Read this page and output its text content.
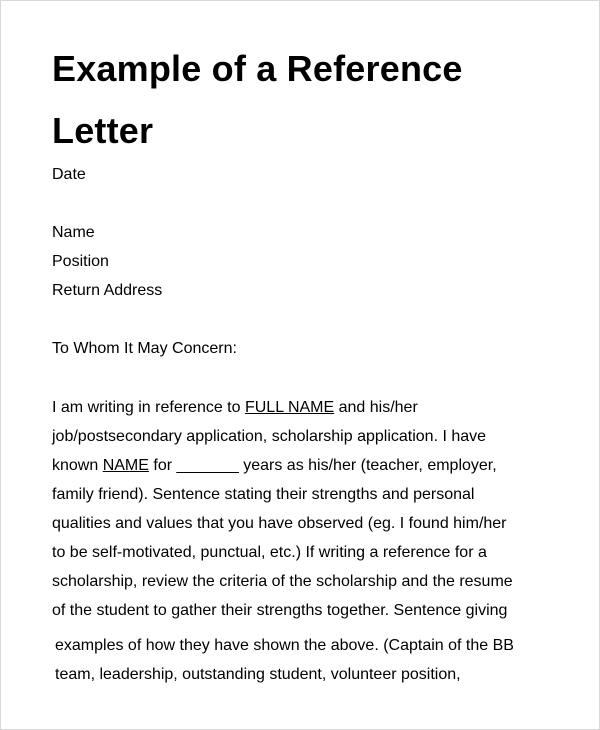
Example of a Reference
Letter
Date
Name
Position
Return Address
To Whom It May Concern:
I am writing in reference to FULL NAME and his/her
job/postsecondary application, scholarship application. I have
known NAME for _______ years as his/her (teacher, employer,
family friend). Sentence stating their strengths and personal
qualities and values that you have observed (eg. I found him/her
to be self-motivated, punctual, etc.) If writing a reference for a
scholarship, review the criteria of the scholarship and the resume
of the student to gather their strengths together. Sentence giving
examples of how they have shown the above. (Captain of the BB
team, leadership, outstanding student, volunteer position,
